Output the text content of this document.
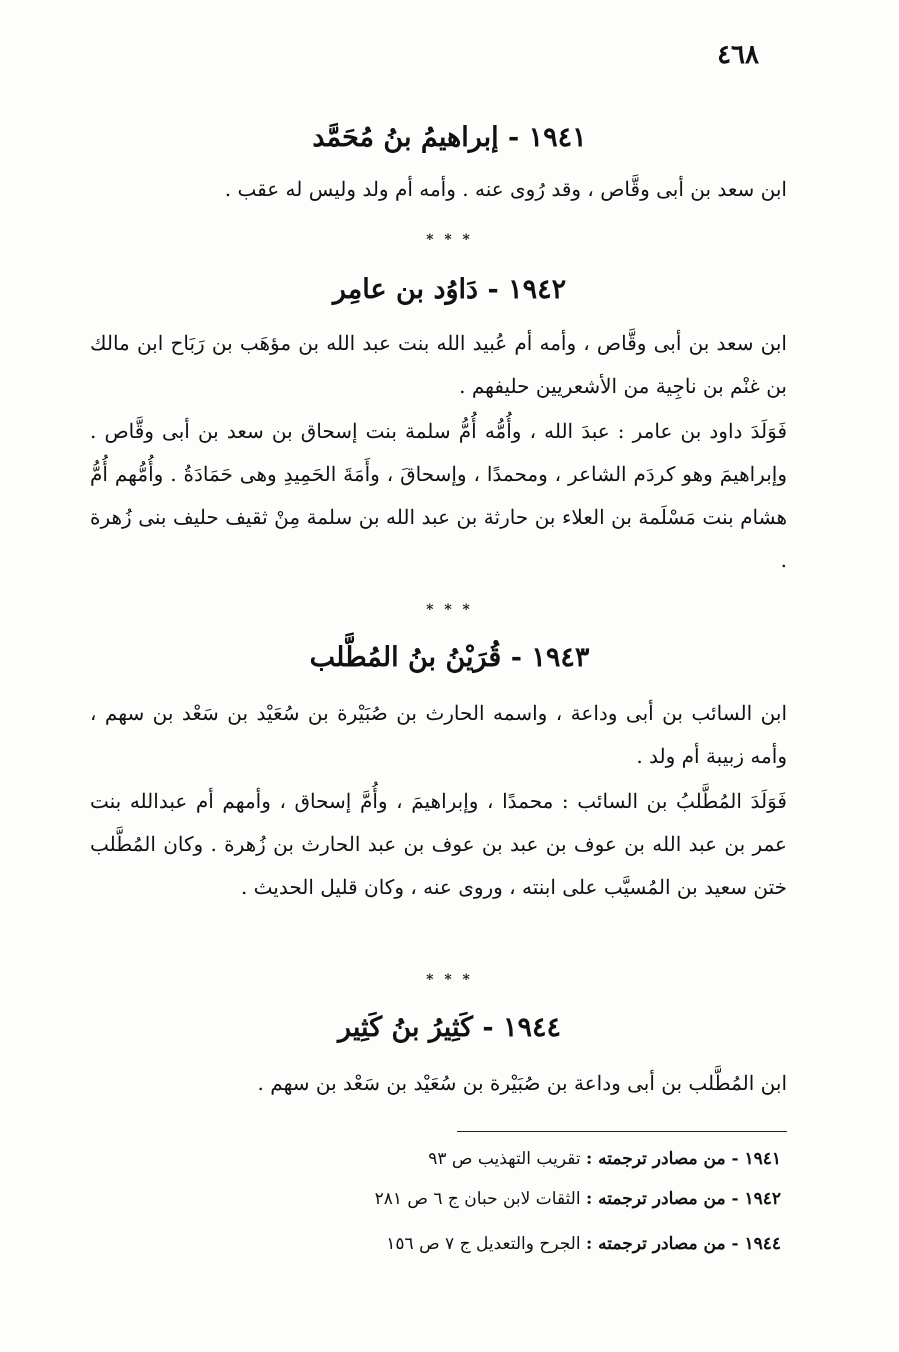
٤٦٨
١٩٤١ - إبراهيمُ بنُ مُحَمَّد
ابن سعد بن أبى وقَّاص ، وقد رُوى عنه . وأمه أم ولد وليس له عقب .
* * *
١٩٤٢ - دَاوُد بن عامِر
ابن سعد بن أبى وقَّاص ، وأمه أم عُبيد الله بنت عبد الله بن مؤهَب بن رَبَاح ابن مالك بن غنْم بن ناجِية من الأشعريين حليفهم .
فَوَلَدَ داود بن عامر : عبدَ الله ، وأُمُّه أُمُّ سلمة بنت إسحاق بن سعد بن أبى وقَّاص . وإبراهيمَ وهو كردَم الشاعر ، ومحمدًا ، وإسحاقَ ، وأَمَةَ الحَمِيدِ وهى حَمَادَةُ . وأُمُّهم أُمُّ هشام بنت مَسْلَمة بن العلاء بن حارثة بن عبد الله بن سلمة مِنْ ثقيف حليف بنى زُهرة .
* * *
١٩٤٣ - قُرَيْنُ بنُ المُطَّلب
ابن السائب بن أبى وداعة ، واسمه الحارث بن صُبَيْرة بن سُعَيْد بن سَعْد بن سهم ، وأمه زبيبة أم ولد .
فَوَلَدَ المُطَّلبُ بن السائب : محمدًا ، وإبراهيمَ ، وأُمَّ إسحاق ، وأمهم أم عبدالله بنت عمر بن عبد الله بن عوف بن عبد بن عوف بن عبد الحارث بن زُهرة . وكان المُطَّلب ختن سعيد بن المُسيَّب على ابنته ، وروى عنه ، وكان قليل الحديث .
* * *
١٩٤٤ - كَثِيرُ بنُ كَثِير
ابن المُطَّلب بن أبى وداعة بن صُبَيْرة بن سُعَيْد بن سَعْد بن سهم .
١٩٤١ - من مصادر ترجمته : تقريب التهذيب ص ٩٣
١٩٤٢ - من مصادر ترجمته : الثقات لابن حبان ج ٦ ص ٢٨١
١٩٤٤ - من مصادر ترجمته : الجرح والتعديل ج ٧ ص ١٥٦
